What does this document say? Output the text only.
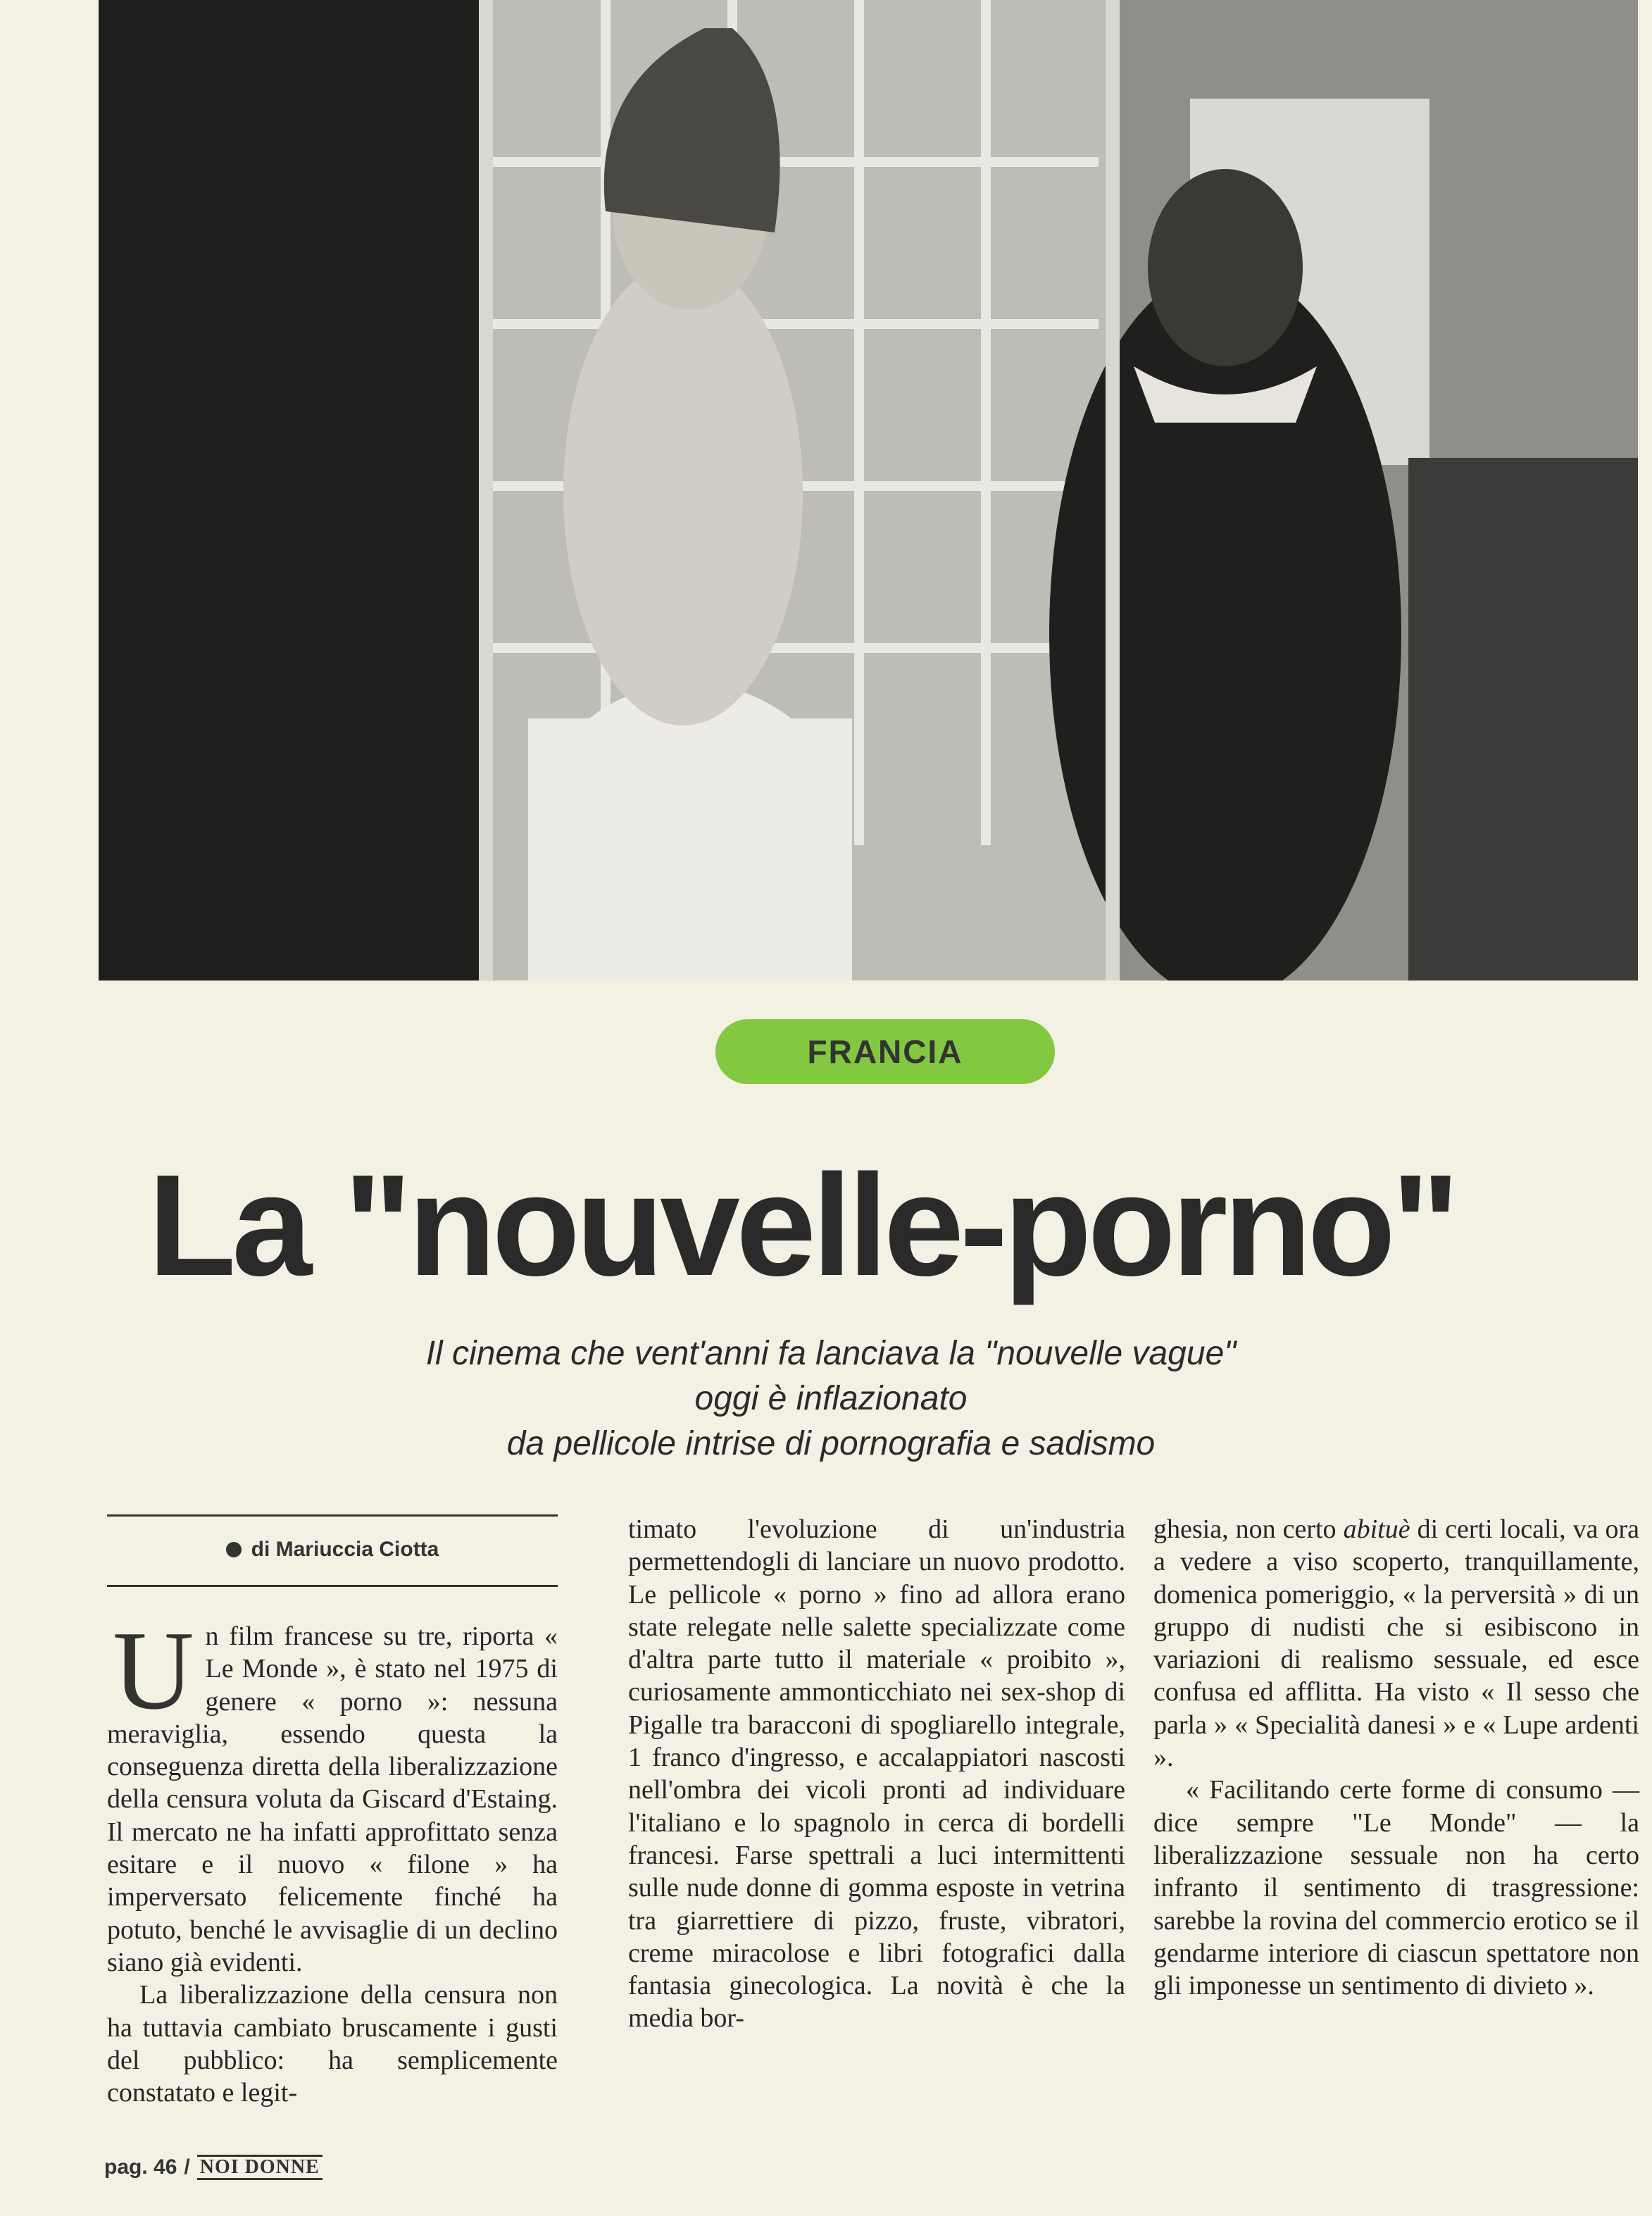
FRANCIA
La "nouvelle-porno"
Il cinema che vent'anni fa lanciava la "nouvelle vague"
oggi è inflazionato
da pellicole intrise di pornografia e sadismo
di Mariuccia Ciotta
U n film francese su tre, riporta « Le Monde », è stato nel 1975 di genere « porno »: nessuna meraviglia, essendo questa la conseguenza diretta della liberalizzazione della censura voluta da Giscard d'Estaing. Il mercato ne ha infatti approfittato senza esitare e il nuovo « filone » ha imperversato felicemente finché ha potuto, benché le avvisaglie di un declino siano già evidenti.

La liberalizzazione della censura non ha tuttavia cambiato bruscamente i gusti del pubblico: ha semplicemente constatato e legit-

timato l'evoluzione di un'industria permettendogli di lanciare un nuovo prodotto. Le pellicole « porno » fino ad allora erano state relegate nelle salette specializzate come d'altra parte tutto il materiale « proibito », curiosamente ammonticchiato nei sex-shop di Pigalle tra baracconi di spogliarello integrale, 1 franco d'ingresso, e accalappiatori nascosti nell'ombra dei vicoli pronti ad individuare l'italiano e lo spagnolo in cerca di bordelli francesi. Farse spettrali a luci intermittenti sulle nude donne di gomma esposte in vetrina tra giarrettiere di pizzo, fruste, vibratori, creme miracolose e libri fotografici dalla fantasia ginecologica. La novità è che la media bor-

ghesia, non certo abituè di certi locali, va ora a vedere a viso scoperto, tranquillamente, domenica pomeriggio, « la perversità » di un gruppo di nudisti che si esibiscono in variazioni di realismo sessuale, ed esce confusa ed afflitta. Ha visto « Il sesso che parla » « Specialità danesi » e « Lupe ardenti ».

« Facilitando certe forme di consumo — dice sempre "Le Monde" — la liberalizzazione sessuale non ha certo infranto il sentimento di trasgressione: sarebbe la rovina del commercio erotico se il gendarme interiore di ciascun spettatore non gli imponesse un sentimento di divieto ».

pag. 46 / NOI DONNE
